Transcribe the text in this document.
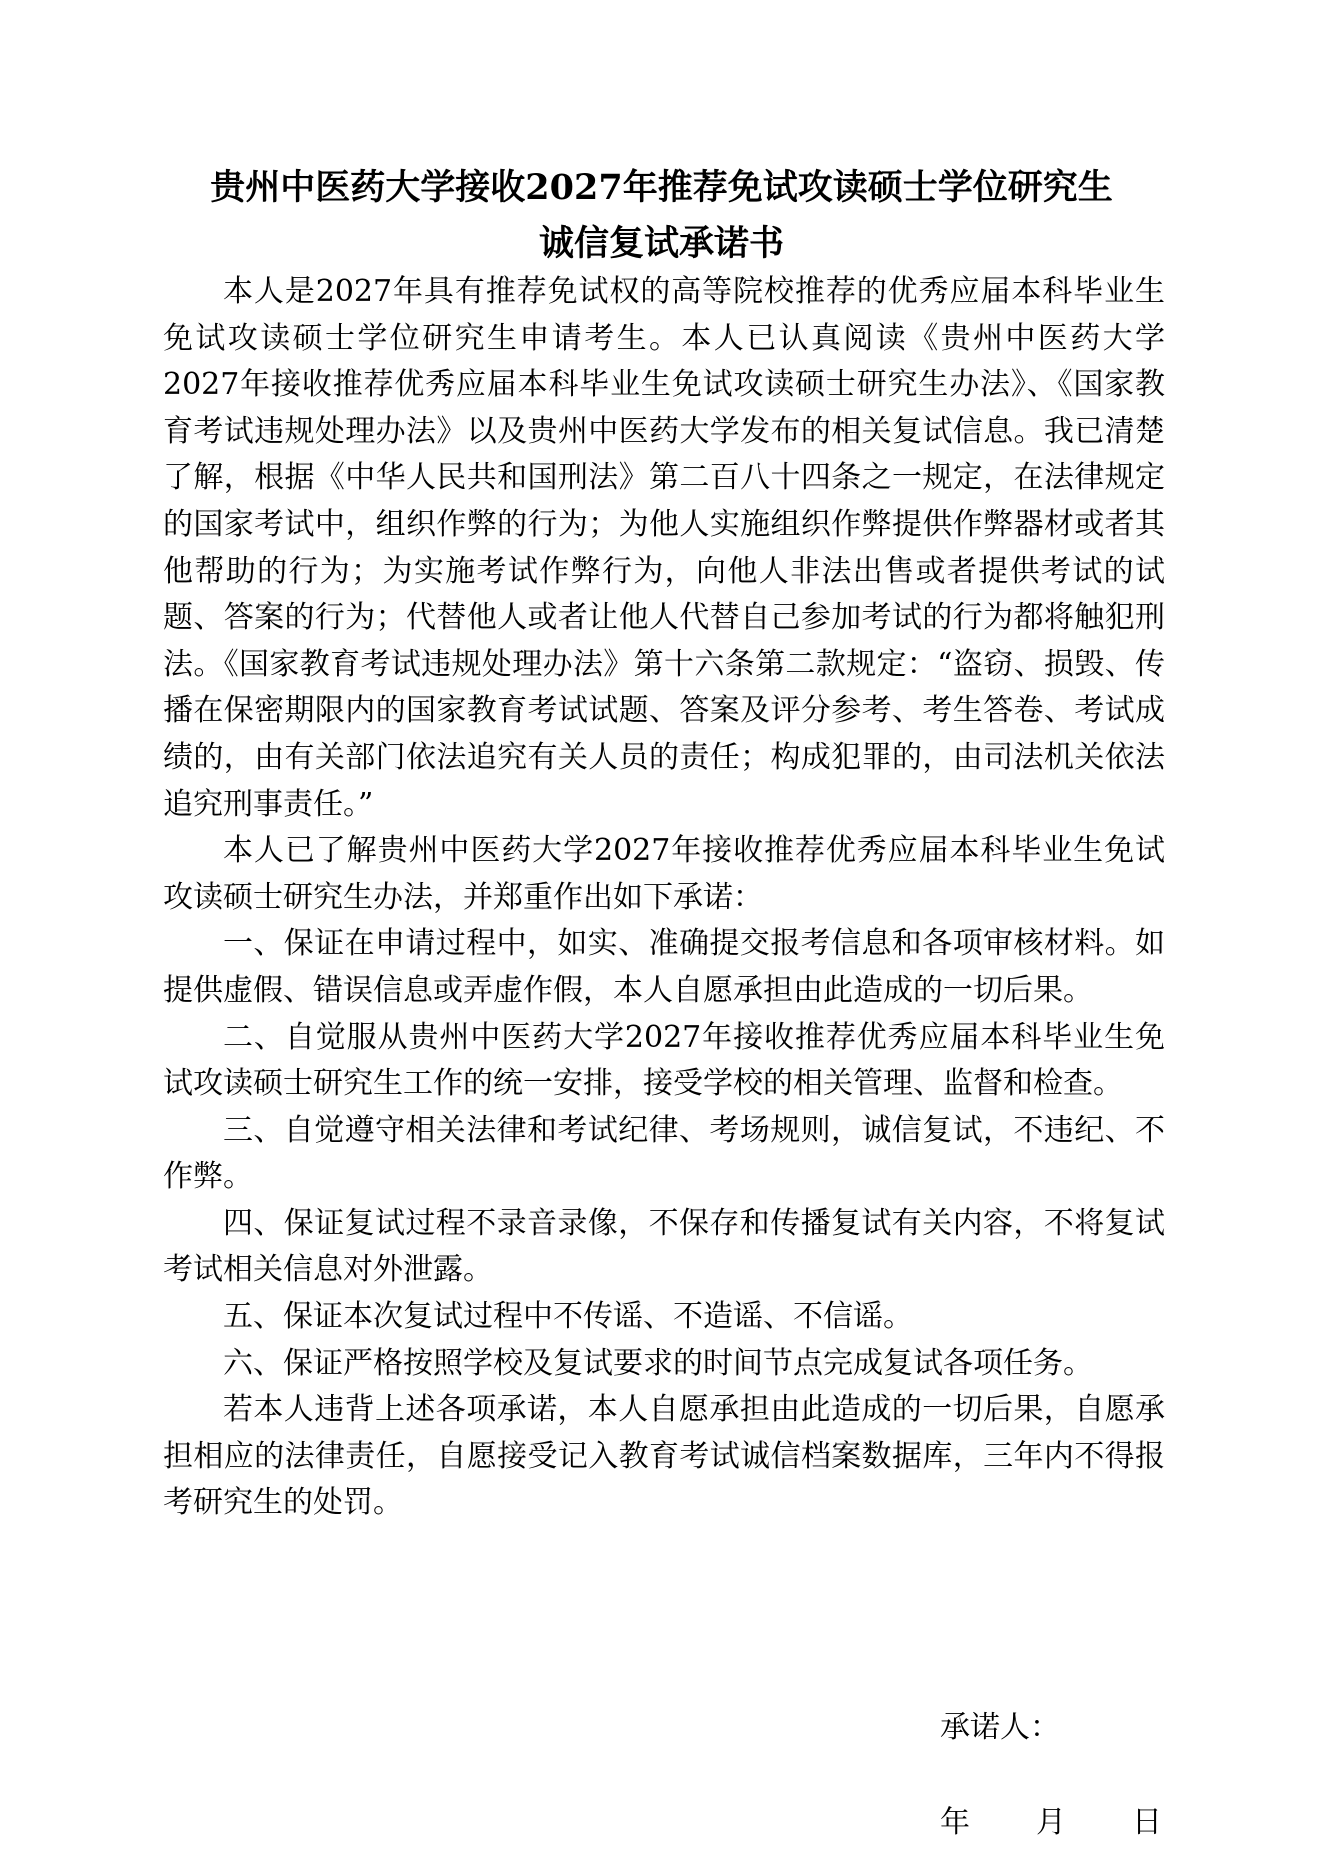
贵州中医药大学接收2027年推荐免试攻读硕士学位研究生
诚信复试承诺书

本人是2027年具有推荐免试权的高等院校推荐的优秀应届本科毕业生免试攻读硕士学位研究生申请考生。本人已认真阅读《贵州中医药大学2027年接收推荐优秀应届本科毕业生免试攻读硕士研究生办法》、《国家教育考试违规处理办法》以及贵州中医药大学发布的相关复试信息。我已清楚了解，根据《中华人民共和国刑法》第二百八十四条之一规定，在法律规定的国家考试中，组织作弊的行为；为他人实施组织作弊提供作弊器材或者其他帮助的行为；为实施考试作弊行为，向他人非法出售或者提供考试的试题、答案的行为；代替他人或者让他人代替自己参加考试的行为都将触犯刑法。《国家教育考试违规处理办法》第十六条第二款规定：“盗窃、损毁、传播在保密期限内的国家教育考试试题、答案及评分参考、考生答卷、考试成绩的，由有关部门依法追究有关人员的责任；构成犯罪的，由司法机关依法追究刑事责任。”

本人已了解贵州中医药大学2027年接收推荐优秀应届本科毕业生免试攻读硕士研究生办法，并郑重作出如下承诺：

一、保证在申请过程中，如实、准确提交报考信息和各项审核材料。如提供虚假、错误信息或弄虚作假，本人自愿承担由此造成的一切后果。

二、自觉服从贵州中医药大学2027年接收推荐优秀应届本科毕业生免试攻读硕士研究生工作的统一安排，接受学校的相关管理、监督和检查。

三、自觉遵守相关法律和考试纪律、考场规则，诚信复试，不违纪、不作弊。

四、保证复试过程不录音录像，不保存和传播复试有关内容，不将复试考试相关信息对外泄露。

五、保证本次复试过程中不传谣、不造谣、不信谣。

六、保证严格按照学校及复试要求的时间节点完成复试各项任务。

若本人违背上述各项承诺，本人自愿承担由此造成的一切后果，自愿承担相应的法律责任，自愿接受记入教育考试诚信档案数据库，三年内不得报考研究生的处罚。

承诺人：
年 月 日
